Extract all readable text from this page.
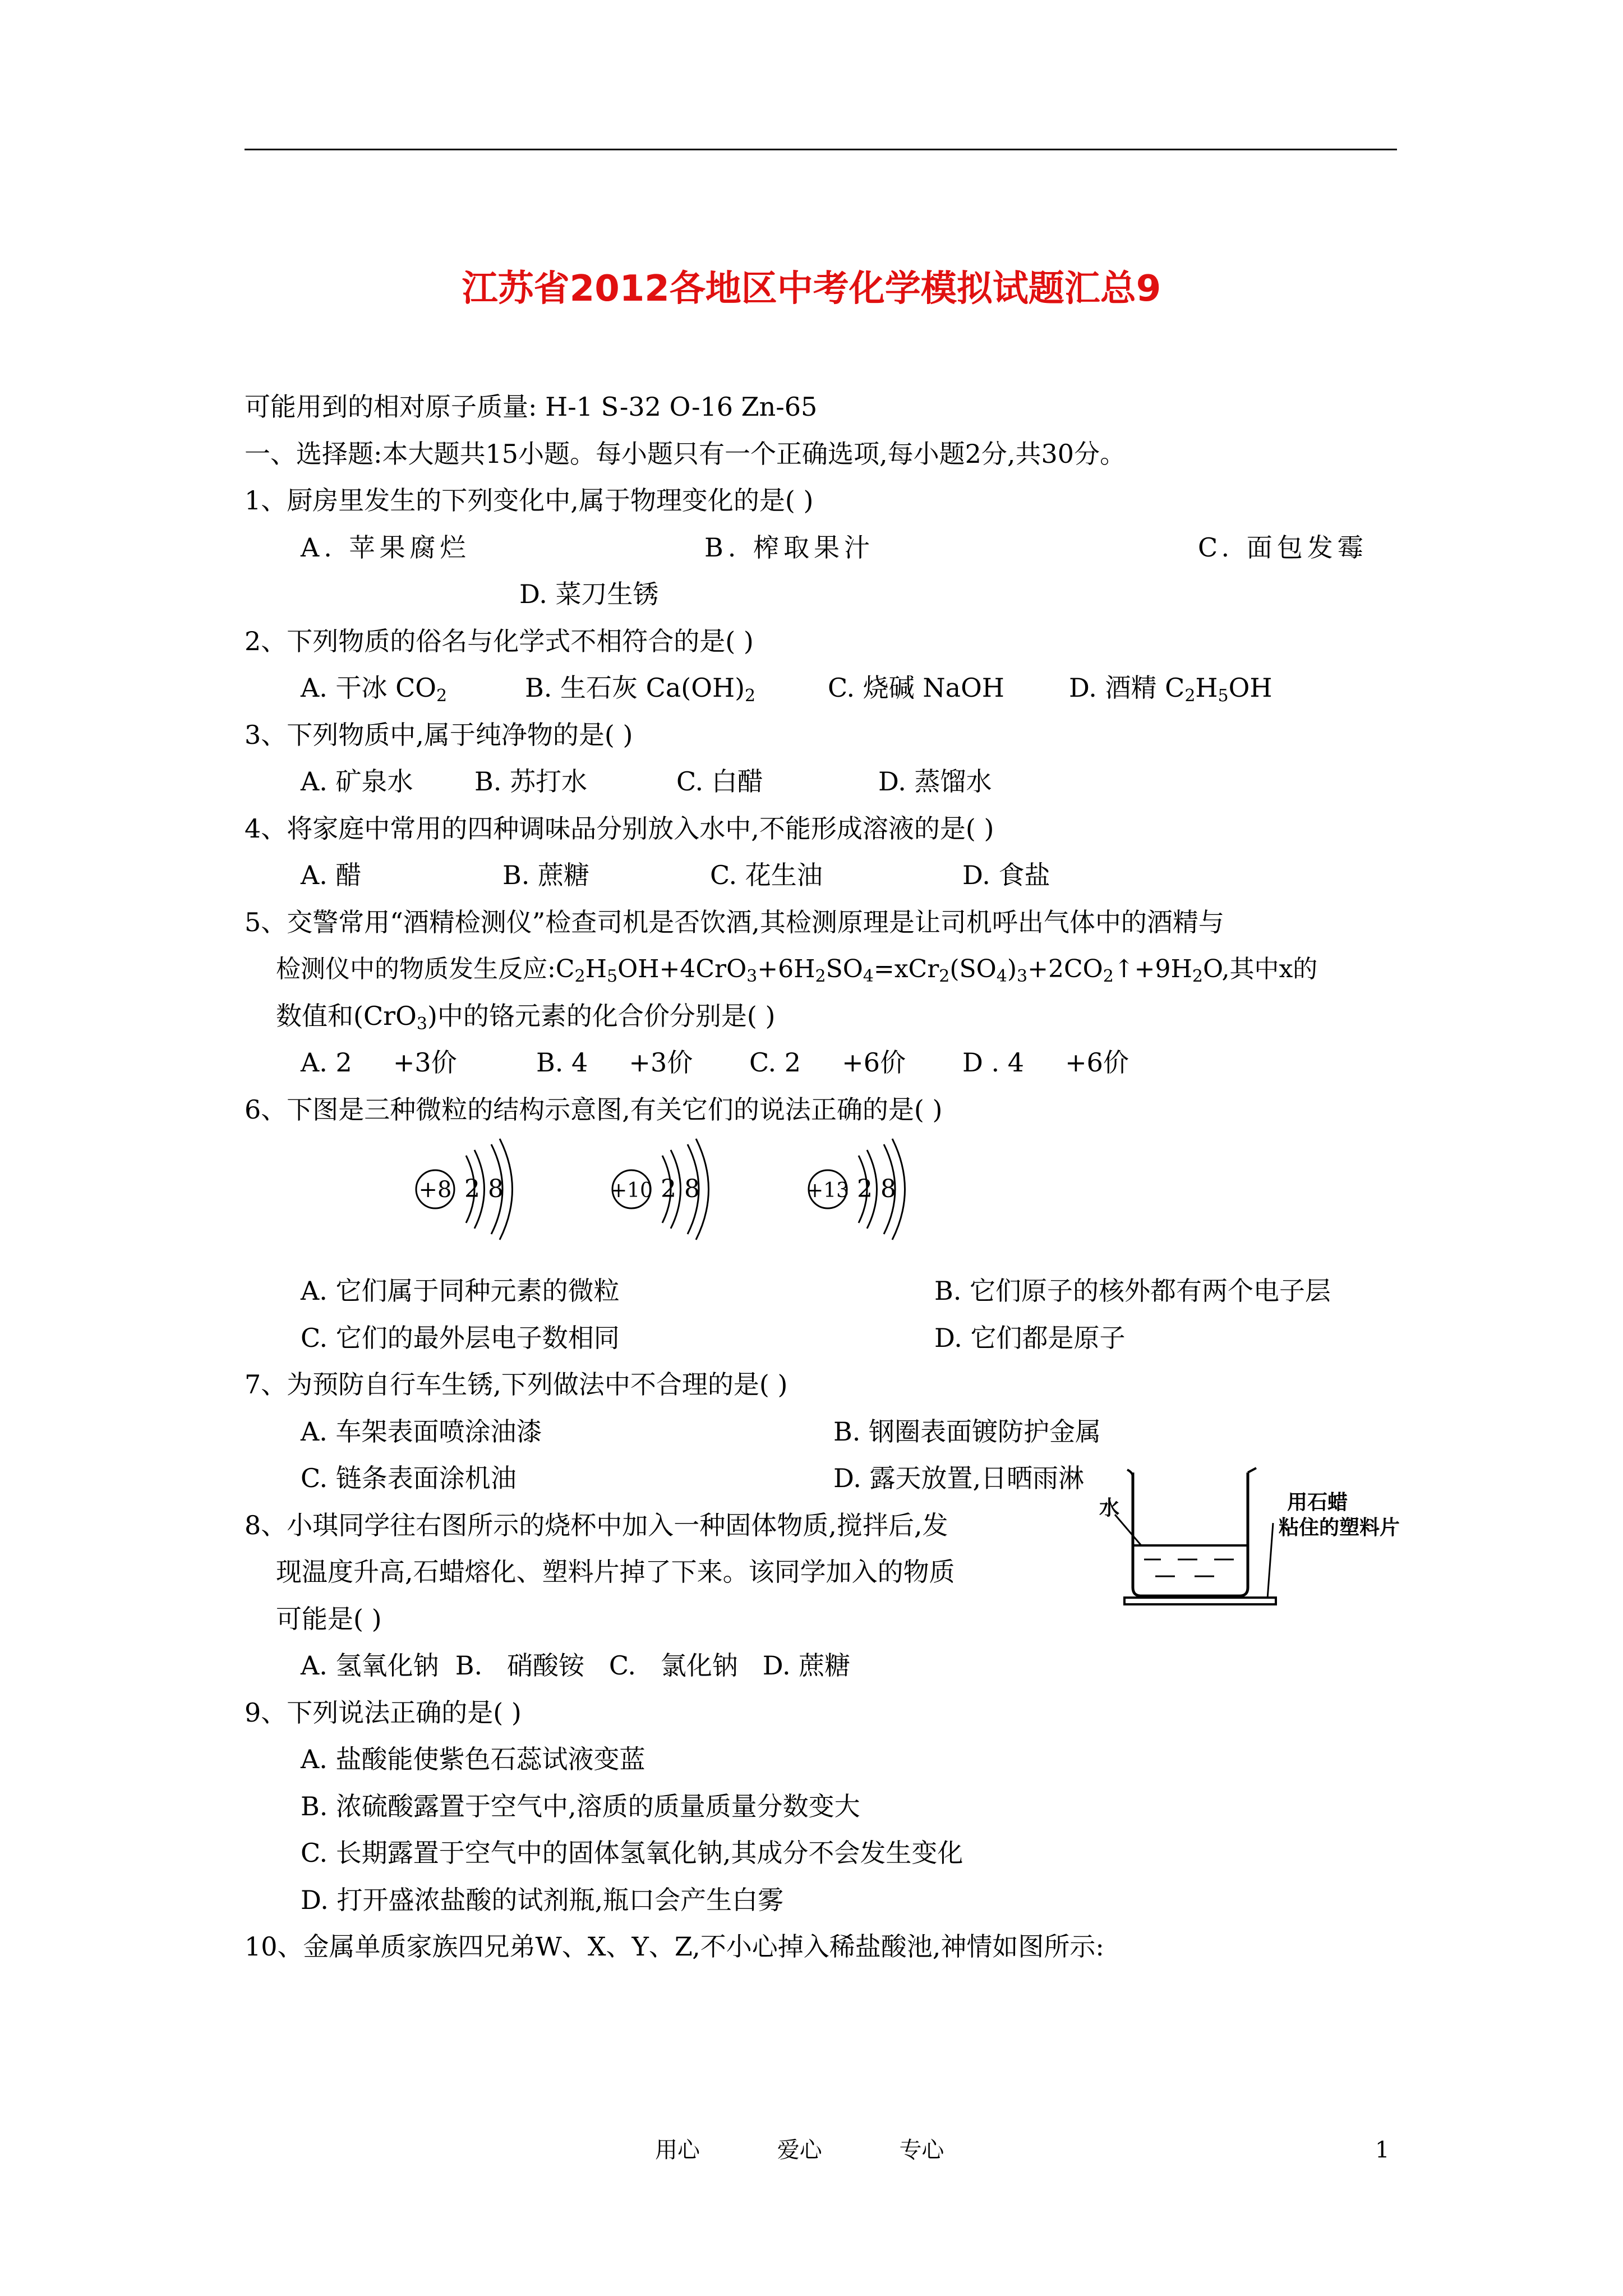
江苏省2012各地区中考化学模拟试题汇总9
可能用到的相对原子质量: H-1 S-32 O-16 Zn-65
一、选择题:本大题共15小题。每小题只有一个正确选项,每小题2分,共30分。
1、厨房里发生的下列变化中,属于物理变化的是( )
A. 苹果腐烂	B. 榨取果汁	C. 面包发霉
D. 菜刀生锈
2、下列物质的俗名与化学式不相符合的是( )
A. 干冰 $CO_2$	B. 生石灰 $Ca(OH)_2$	C. 烧碱 NaOH	D. 酒精 $C_2H_5OH$
3、下列物质中,属于纯净物的是( )
A. 矿泉水 B. 苏打水	C. 白醋	D. 蒸馏水
4、将家庭中常用的四种调味品分别放入水中,不能形成溶液的是( )
A. 醋	B. 蔗糖	C. 花生油	D. 食盐
5、交警常用“酒精检测仪”检查司机是否饮酒,其检测原理是让司机呼出气体中的酒精与
检测仪中的物质发生反应$:C_2H_5OH+4CrO_3+6H_2SO_4=xCr_2(SO_4)_3+2CO_2↑+9H_2O$,其中x的
数值和(CrO$_3$)中的铬元素的化合价分别是( )
A. 2     +3价	B. 4     +3价 C. 2     +6价 D . 4     +6价
6、下图是三种微粒的结构示意图,有关它们的说法正确的是( )
+8 2 8	+10 2 8	+13 2 8
A. 它们属于同种元素的微粒	B. 它们原子的核外都有两个电子层
C. 它们的最外层电子数相同	D. 它们都是原子
7、为预防自行车生锈,下列做法中不合理的是( )
A. 车架表面喷涂油漆	B. 钢圈表面镀防护金属
C. 链条表面涂机油	D. 露天放置,日晒雨淋
8、小琪同学往右图所示的烧杯中加入一种固体物质,搅拌后,发
现温度升高,石蜡熔化、塑料片掉了下来。该同学加入的物质
可能是( )
A. 氢氧化钠  B.   硝酸铵   C.   氯化钠   D. 蔗糖
9、下列说法正确的是( )
A. 盐酸能使紫色石蕊试液变蓝
B. 浓硫酸露置于空气中,溶质的质量质量分数变大
C. 长期露置于空气中的固体氢氧化钠,其成分不会发生变化
D. 打开盛浓盐酸的试剂瓶,瓶口会产生白雾
10、金属单质家族四兄弟W、X、Y、Z,不小心掉入稀盐酸池,神情如图所示:
水	用石蜡
粘住的塑料片
用心	爱心	专心	1
